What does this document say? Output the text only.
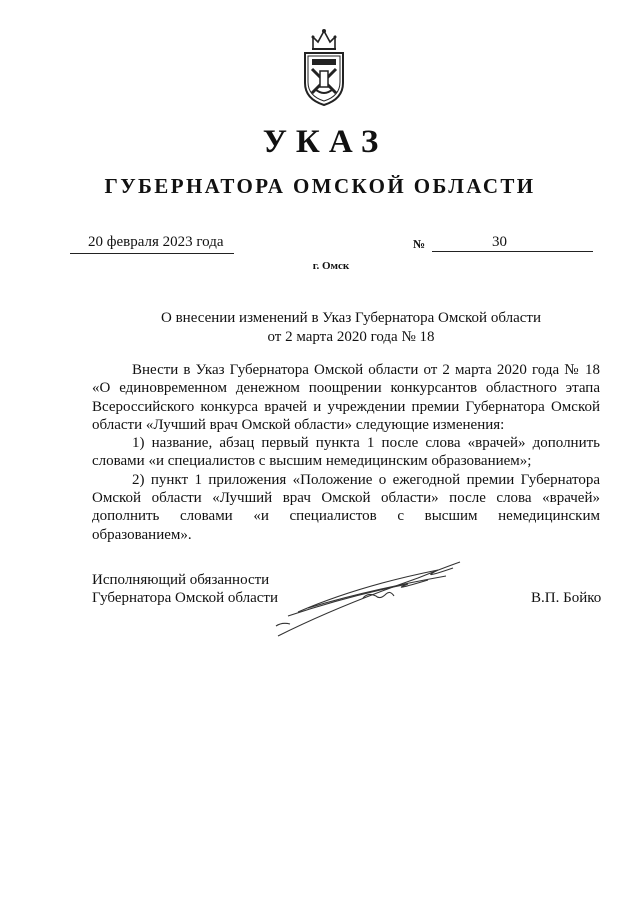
УКАЗ
ГУБЕРНАТОРА ОМСКОЙ ОБЛАСТИ
20 февраля 2023 года	№	30
г. Омск
О внесении изменений в Указ Губернатора Омской области
от 2 марта 2020 года № 18

Внести в Указ Губернатора Омской области от 2 марта 2020 года № 18 «О единовременном денежном поощрении конкурсантов областного этапа Всероссийского конкурса врачей и учреждении премии Губернатора Омской области «Лучший врач Омской области» следующие изменения:

1) название, абзац первый пункта 1 после слова «врачей» дополнить словами «и специалистов с высшим немедицинским образованием»;

2) пункт 1 приложения «Положение о ежегодной премии Губернатора Омской области «Лучший врач Омской области» после слова «врачей» дополнить словами «и специалистов с высшим немедицинским образованием».

Исполняющий обязанности
Губернатора Омской области	В.П. Бойко
